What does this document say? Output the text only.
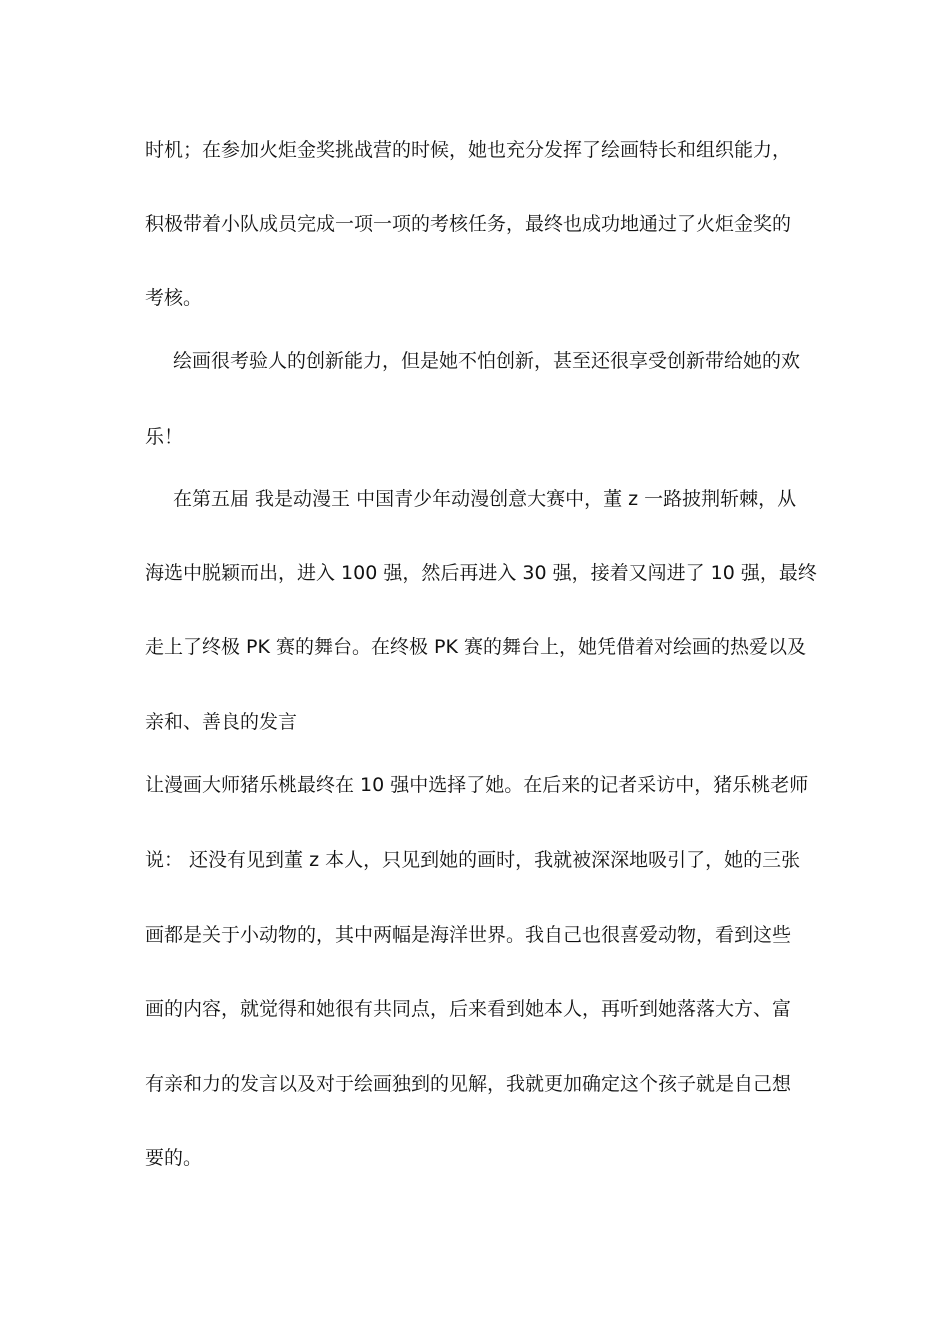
时机；在参加火炬金奖挑战营的时候，她也充分发挥了绘画特长和组织能力，
积极带着小队成员完成一项一项的考核任务，最终也成功地通过了火炬金奖的
考核。
绘画很考验人的创新能力，但是她不怕创新，甚至还很享受创新带给她的欢
乐！
在第五届 我是动漫王 中国青少年动漫创意大赛中，董 z 一路披荆斩棘，从
海选中脱颖而出，进入 100 强，然后再进入 30 强，接着又闯进了 10 强，最终
走上了终极 PK 赛的舞台。在终极 PK 赛的舞台上，她凭借着对绘画的热爱以及
亲和、善良的发言
让漫画大师猪乐桃最终在 10 强中选择了她。在后来的记者采访中，猪乐桃老师
说： 还没有见到董 z 本人，只见到她的画时，我就被深深地吸引了，她的三张
画都是关于小动物的，其中两幅是海洋世界。我自己也很喜爱动物，看到这些
画的内容，就觉得和她很有共同点，后来看到她本人，再听到她落落大方、富
有亲和力的发言以及对于绘画独到的见解，我就更加确定这个孩子就是自己想
要的。
